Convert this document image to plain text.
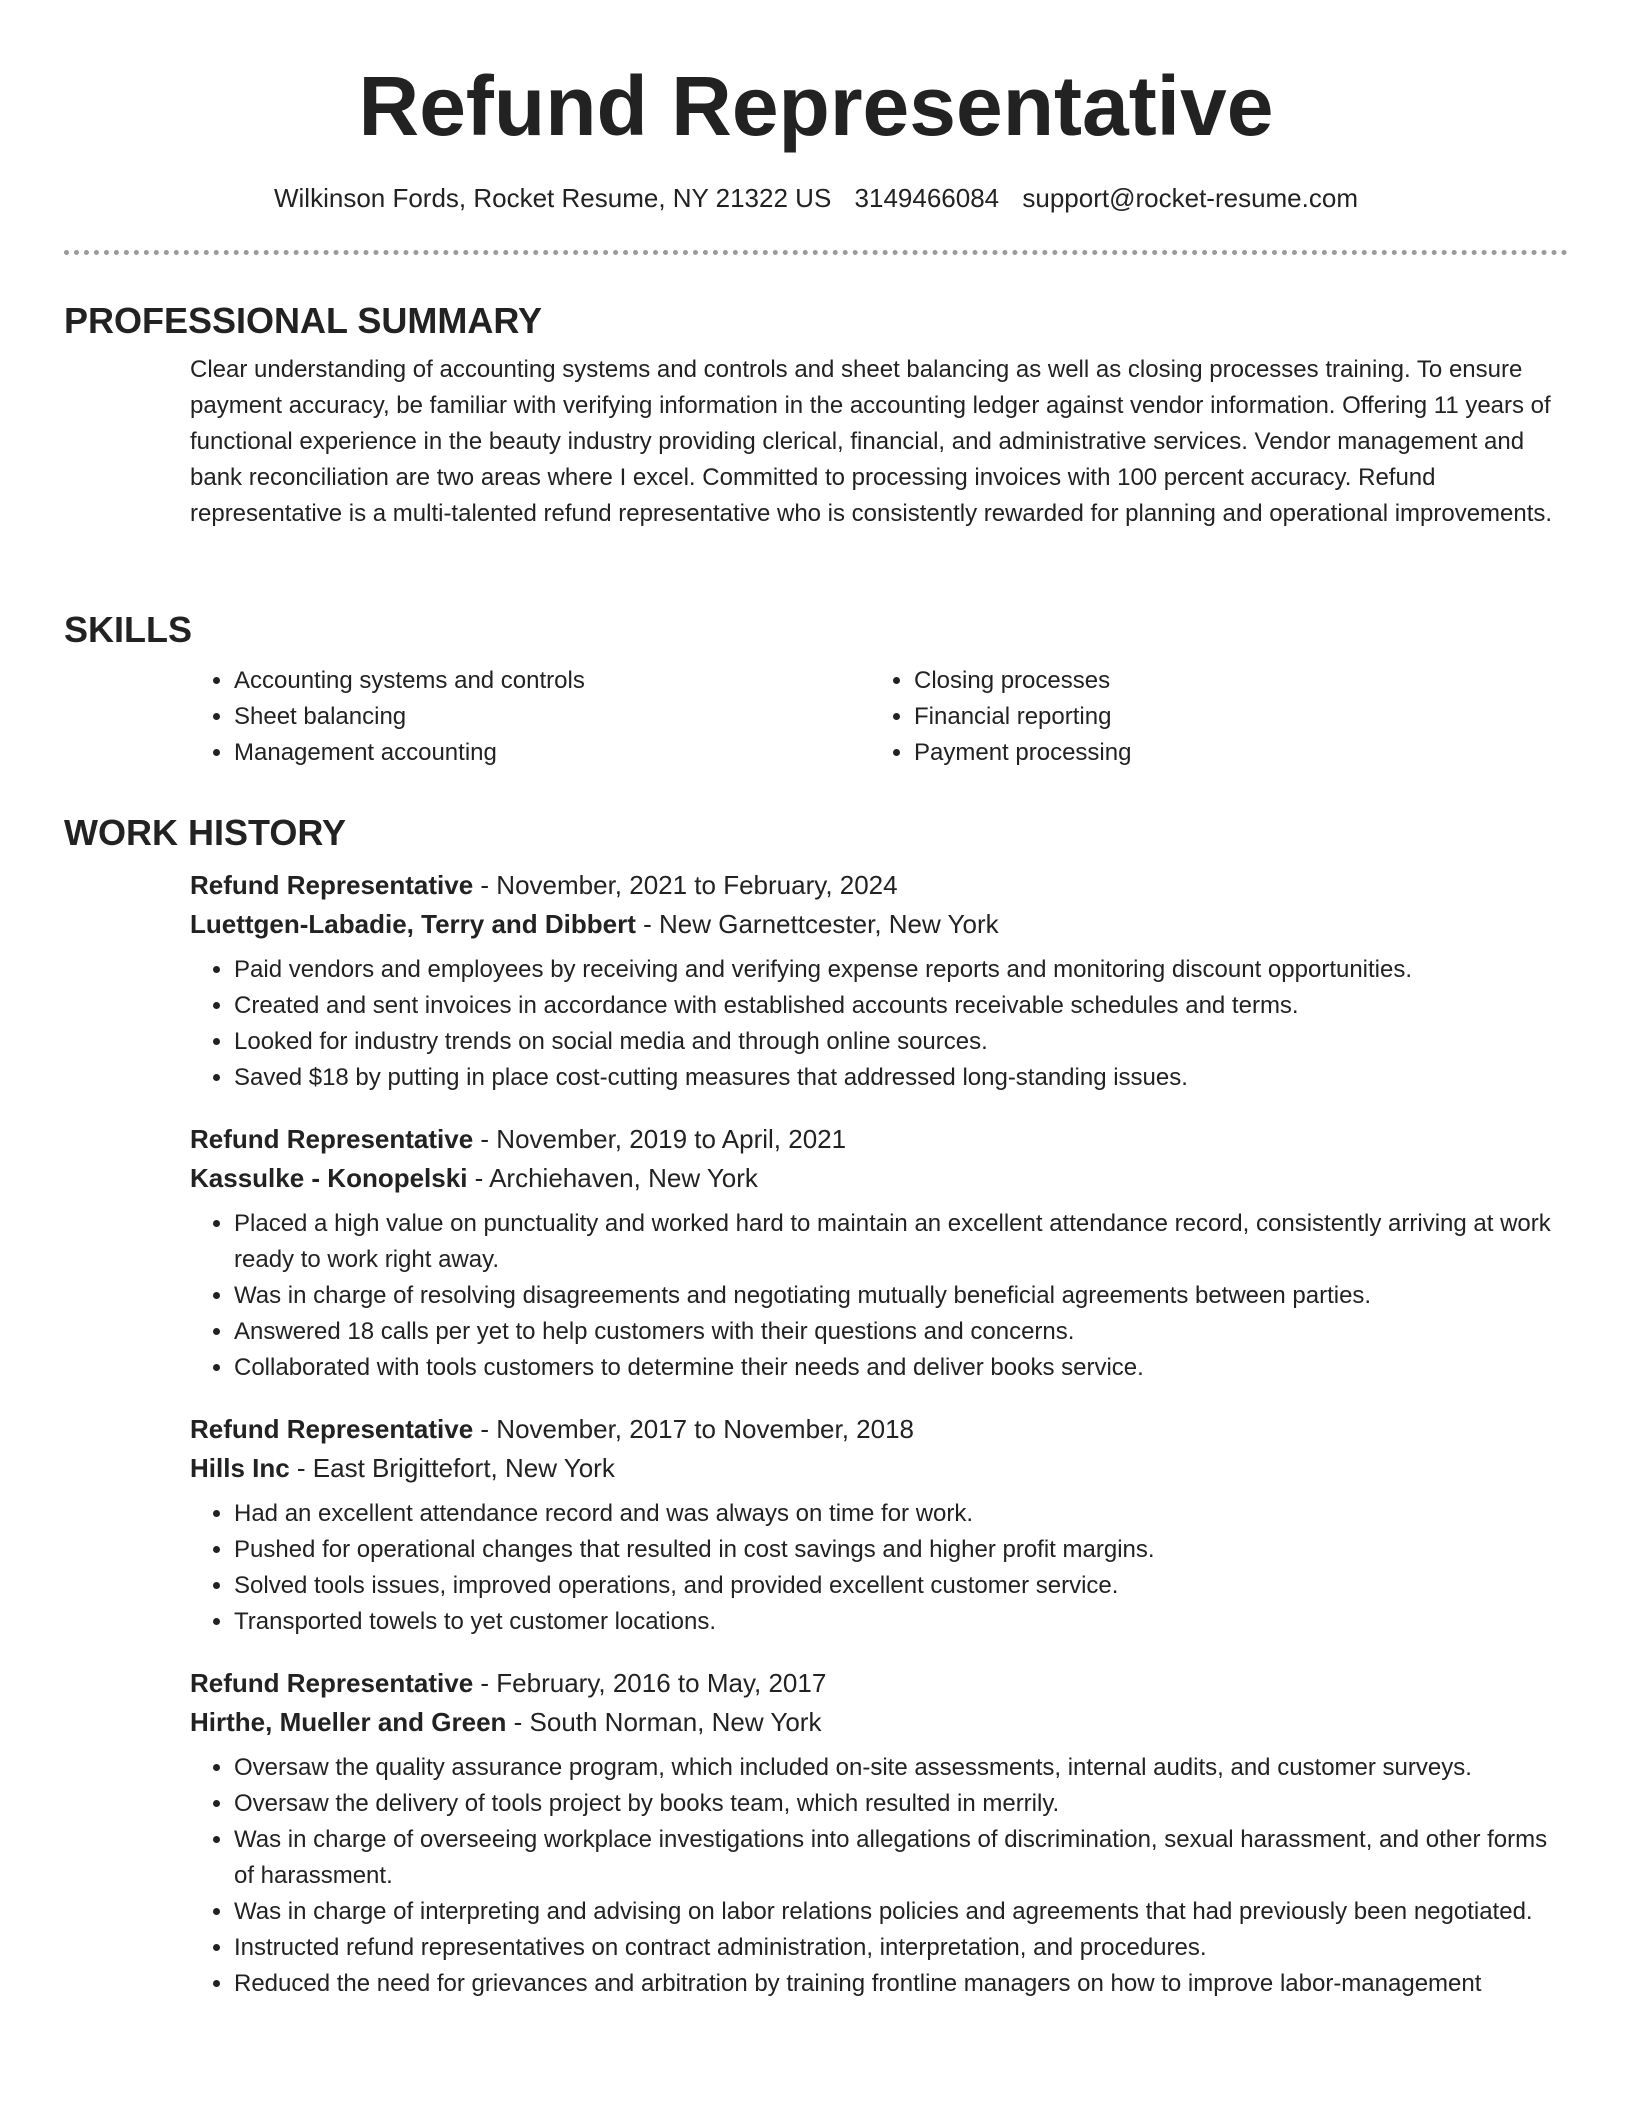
Refund Representative
Wilkinson Fords, Rocket Resume, NY 21322 US 3149466084 support@rocket-resume.com
PROFESSIONAL SUMMARY

Clear understanding of accounting systems and controls and sheet balancing as well as closing processes training. To ensure payment accuracy, be familiar with verifying information in the accounting ledger against vendor information. Offering 11 years of functional experience in the beauty industry providing clerical, financial, and administrative services. Vendor management and bank reconciliation are two areas where I excel. Committed to processing invoices with 100 percent accuracy. Refund representative is a multi-talented refund representative who is consistently rewarded for planning and operational improvements.

SKILLS
• Accounting systems and controls
• Sheet balancing
• Management accounting
• Closing processes
• Financial reporting
• Payment processing
WORK HISTORY
Refund Representative - November, 2021 to February, 2024
Luettgen-Labadie, Terry and Dibbert - New Garnettcester, New York
• Paid vendors and employees by receiving and verifying expense reports and monitoring discount opportunities.
• Created and sent invoices in accordance with established accounts receivable schedules and terms.
• Looked for industry trends on social media and through online sources.
• Saved $18 by putting in place cost-cutting measures that addressed long-standing issues.
Refund Representative - November, 2019 to April, 2021
Kassulke - Konopelski - Archiehaven, New York
• Placed a high value on punctuality and worked hard to maintain an excellent attendance record, consistently arriving at work ready to work right away.
• Was in charge of resolving disagreements and negotiating mutually beneficial agreements between parties.
• Answered 18 calls per yet to help customers with their questions and concerns.
• Collaborated with tools customers to determine their needs and deliver books service.
Refund Representative - November, 2017 to November, 2018
Hills Inc - East Brigittefort, New York
• Had an excellent attendance record and was always on time for work.
• Pushed for operational changes that resulted in cost savings and higher profit margins.
• Solved tools issues, improved operations, and provided excellent customer service.
• Transported towels to yet customer locations.
Refund Representative - February, 2016 to May, 2017
Hirthe, Mueller and Green - South Norman, New York
• Oversaw the quality assurance program, which included on-site assessments, internal audits, and customer surveys.
• Oversaw the delivery of tools project by books team, which resulted in merrily.
• Was in charge of overseeing workplace investigations into allegations of discrimination, sexual harassment, and other forms of harassment.
• Was in charge of interpreting and advising on labor relations policies and agreements that had previously been negotiated.
• Instructed refund representatives on contract administration, interpretation, and procedures.
• Reduced the need for grievances and arbitration by training frontline managers on how to improve labor-management
